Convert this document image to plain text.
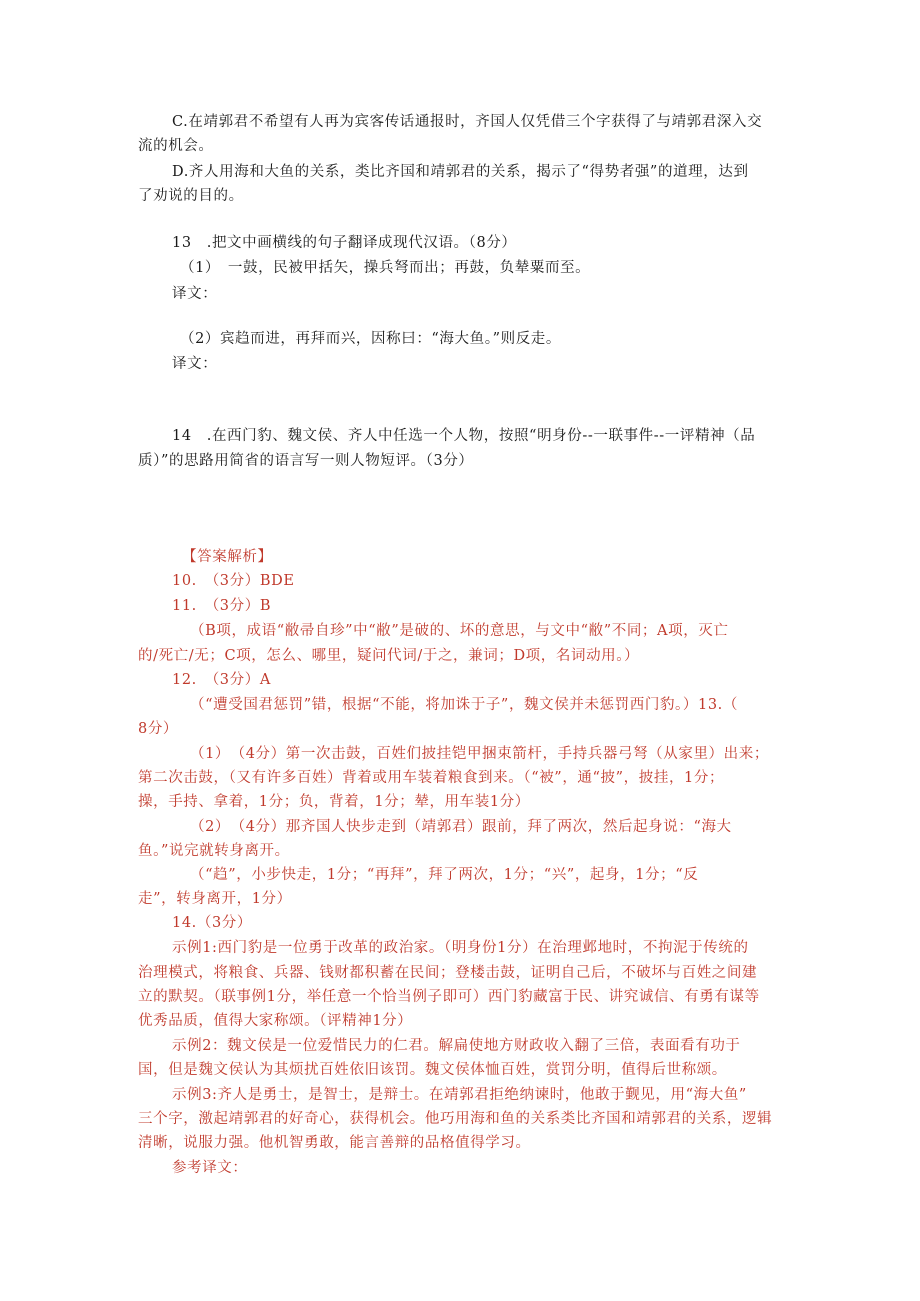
C.在靖郭君不希望有人再为宾客传话通报时，齐国人仅凭借三个字获得了与靖郭君深入交
流的机会。
D.齐人用海和大鱼的关系，类比齐国和靖郭君的关系，揭示了“得势者强”的道理，达到
了劝说的目的。
13　.把文中画横线的句子翻译成现代汉语。（8分）
（1）　一鼓，民被甲括矢，操兵弩而出；再鼓，负辇粟而至。
译文：
（2）宾趋而进，再拜而兴，因称曰：“海大鱼。”则反走。
译文：
14　.在西门豹、魏文侯、齐人中任选一个人物，按照“明身份--一联事件--一评精神（品
质）”的思路用简省的语言写一则人物短评。（3分）
【答案解析】
10.　（3分）BDE
11.　（3分）B
（B项，成语“敝帚自珍”中“敝”是破的、坏的意思，与文中“敝”不同；A项，灭亡
的/死亡/无；C项，怎么、哪里，疑问代词/于之，兼词；D项，名词动用。）
12.　（3分）A
（“遭受国君惩罚”错，根据“不能，将加诛于子”，魏文侯并未惩罚西门豹。）13.（
8分）
（1）　（4分）第一次击鼓，百姓们披挂铠甲捆束箭杆，手持兵器弓弩（从家里）出来；
第二次击鼓，（又有许多百姓）背着或用车装着粮食到来。（“被”，通“披”，披挂，1分；
操，手持、拿着，1分；负，背着，1分；辇，用车装1分）
（2）　（4分）那齐国人快步走到（靖郭君）跟前，拜了两次，然后起身说：“海大
鱼。”说完就转身离开。
（“趋”，小步快走，1分；“再拜”，拜了两次，1分；“兴”，起身，1分；“反
走”，转身离开，1分）
14.（3分）
示例1:西门豹是一位勇于改革的政治家。（明身份1分）在治理邺地时，不拘泥于传统的
治理模式，将粮食、兵器、钱财都积蓄在民间；登楼击鼓，证明自己后，不破坏与百姓之间建
立的默契。（联事例1分，举任意一个恰当例子即可）西门豹藏富于民、讲究诚信、有勇有谋等
优秀品质，值得大家称颂。（评精神1分）
示例2：魏文侯是一位爱惜民力的仁君。解扁使地方财政收入翻了三倍，表面看有功于
国，但是魏文侯认为其烦扰百姓依旧该罚。魏文侯体恤百姓，赏罚分明，值得后世称颂。
示例3:齐人是勇士，是智士，是辩士。在靖郭君拒绝纳谏时，他敢于觐见，用“海大鱼”
三个字，激起靖郭君的好奇心，获得机会。他巧用海和鱼的关系类比齐国和靖郭君的关系，逻辑
清晰，说服力强。他机智勇敢，能言善辩的品格值得学习。
参考译文：
